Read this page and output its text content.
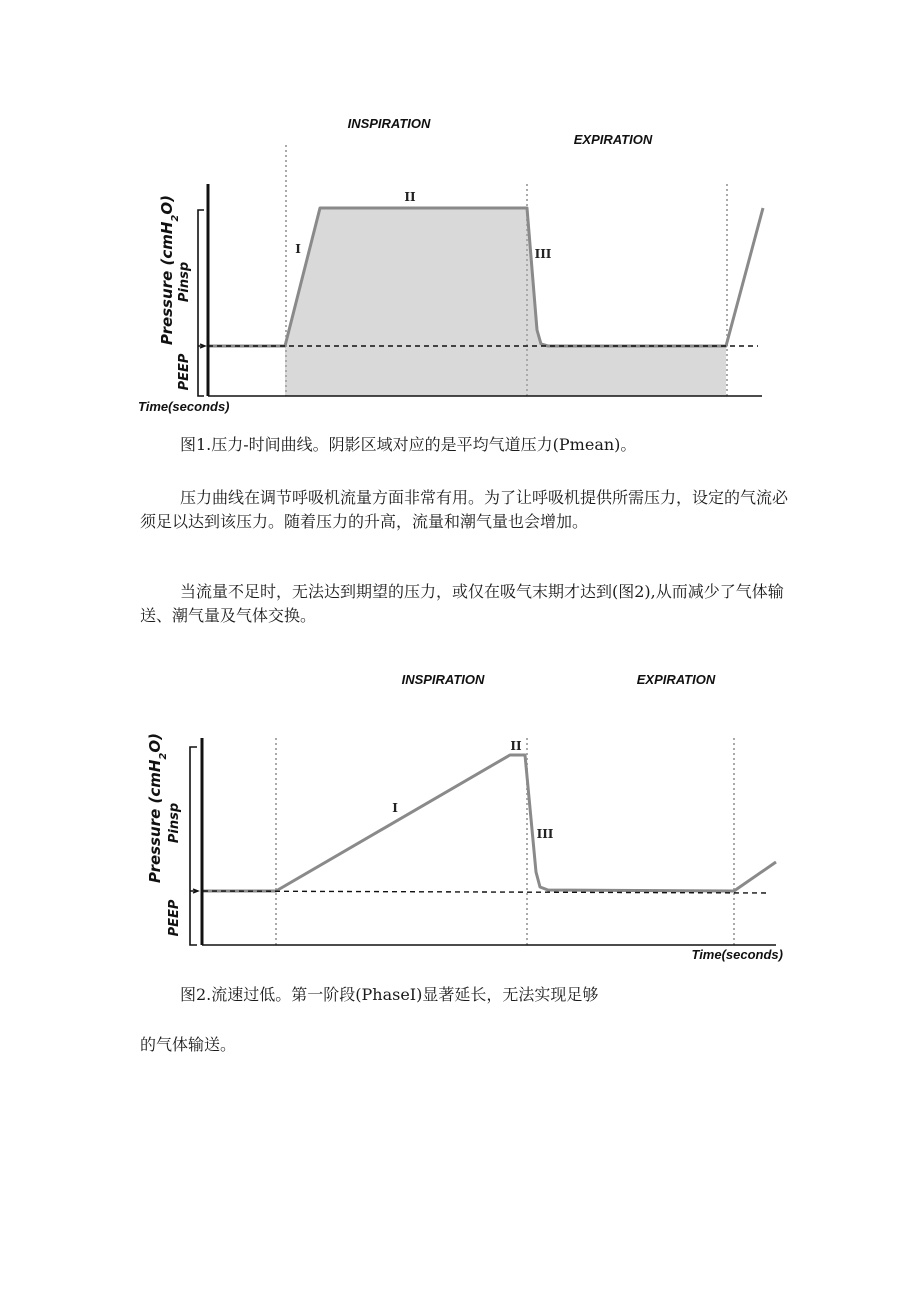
INSPIRATION
EXPIRATION
I
II
III
Pressure (cmH$_2$O)
Pinsp
PEEP
Time(seconds)

图1.压力-时间曲线。阴影区域对应的是平均气道压力(Pmean)。

压力曲线在调节呼吸机流量方面非常有用。为了让呼吸机提供所需压力，设定的气流必须足以达到该压力。随着压力的升高，流量和潮气量也会增加。

当流量不足时，无法达到期望的压力，或仅在吸气末期才达到(图2),从而减少了气体输送、潮气量及气体交换。

INSPIRATION	EXPIRATION
I
II
III
Pressure (cmH$_2$O)
Pinsp
PEEP
Time(seconds)

图2.流速过低。第一阶段(PhaseI)显著延长，无法实现足够

的气体输送。
